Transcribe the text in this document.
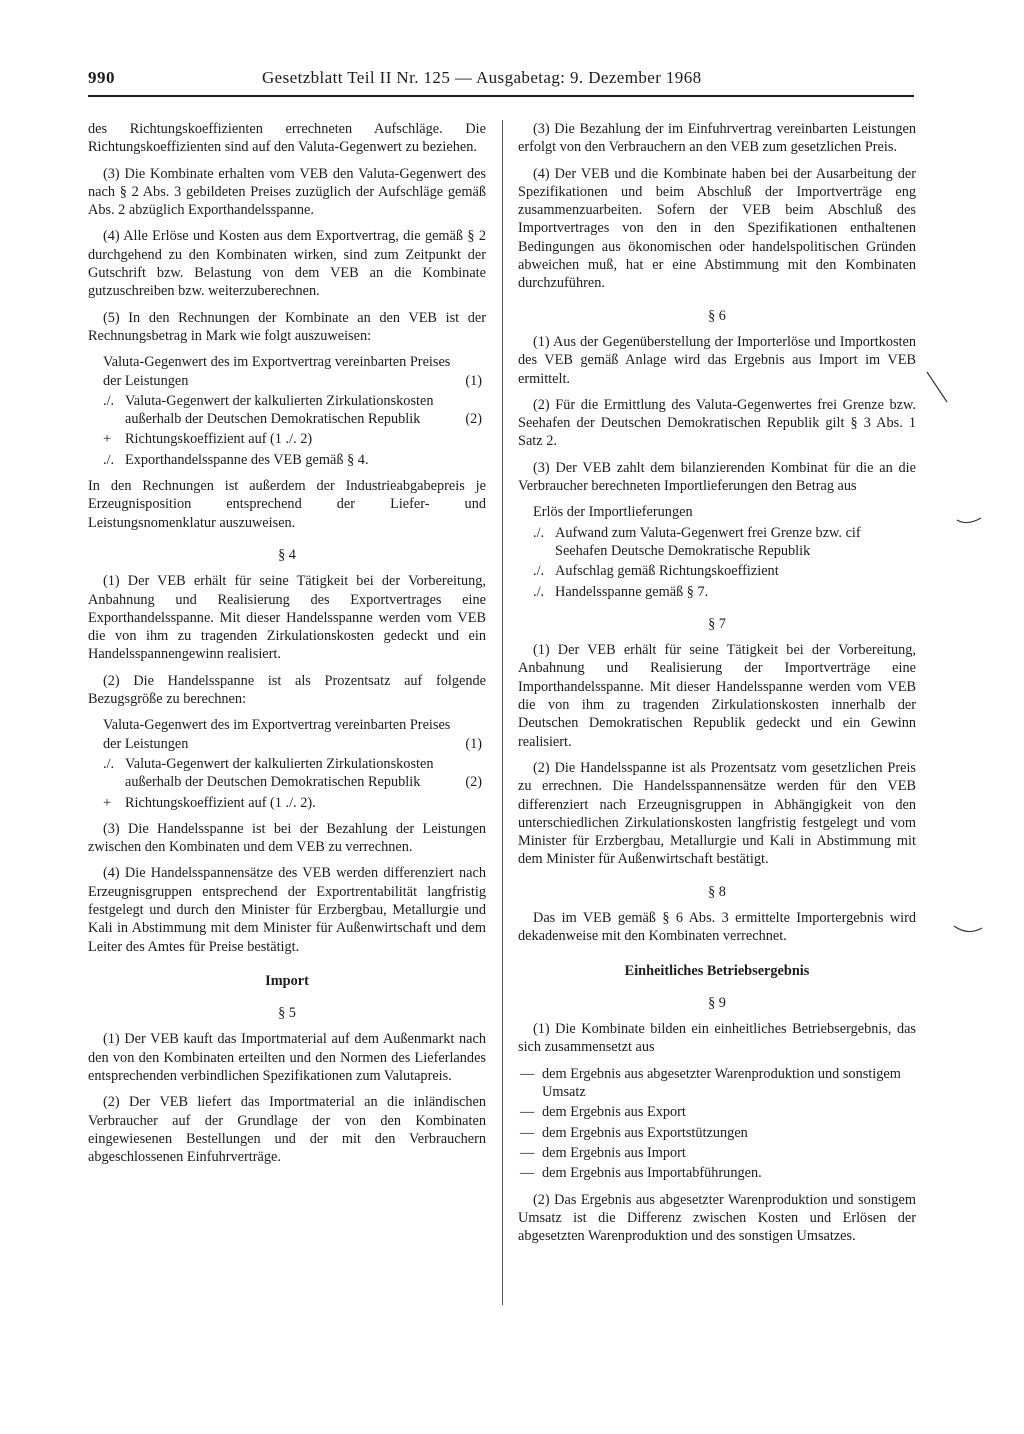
990	Gesetzblatt Teil II Nr. 125 — Ausgabetag: 9. Dezember 1968

des Richtungskoeffizienten errechneten Aufschläge. Die Richtungskoeffizienten sind auf den Valuta-Gegenwert zu beziehen.

(3) Die Kombinate erhalten vom VEB den Valuta-Gegenwert des nach § 2 Abs. 3 gebildeten Preises zuzüglich der Aufschläge gemäß Abs. 2 abzüglich Exporthandelsspanne.

(4) Alle Erlöse und Kosten aus dem Exportvertrag, die gemäß § 2 durchgehend zu den Kombinaten wirken, sind zum Zeitpunkt der Gutschrift bzw. Belastung von dem VEB an die Kombinate gutzuschreiben bzw. weiterzuberechnen.

(5) In den Rechnungen der Kombinate an den VEB ist der Rechnungsbetrag in Mark wie folgt auszuweisen:

Valuta-Gegenwert des im Exportvertrag vereinbarten Preises der Leistungen	(1)
./. Valuta-Gegenwert der kalkulierten Zirkulationskosten außerhalb der Deutschen Demokratischen Republik	(2)
+ Richtungskoeffizient auf (1 ./. 2)
./. Exporthandelsspanne des VEB gemäß § 4.

In den Rechnungen ist außerdem der Industrieabgabepreis je Erzeugnisposition entsprechend der Liefer- und Leistungsnomenklatur auszuweisen.

§ 4

(1) Der VEB erhält für seine Tätigkeit bei der Vorbereitung, Anbahnung und Realisierung des Exportvertrages eine Exporthandelsspanne. Mit dieser Handelsspanne werden vom VEB die von ihm zu tragenden Zirkulationskosten gedeckt und ein Handelsspannengewinn realisiert.

(2) Die Handelsspanne ist als Prozentsatz auf folgende Bezugsgröße zu berechnen:

Valuta-Gegenwert des im Exportvertrag vereinbarten Preises der Leistungen	(1)
./. Valuta-Gegenwert der kalkulierten Zirkulationskosten außerhalb der Deutschen Demokratischen Republik	(2)
+ Richtungskoeffizient auf (1 ./. 2).

(3) Die Handelsspanne ist bei der Bezahlung der Leistungen zwischen den Kombinaten und dem VEB zu verrechnen.

(4) Die Handelsspannensätze des VEB werden differenziert nach Erzeugnisgruppen entsprechend der Exportrentabilität langfristig festgelegt und durch den Minister für Erzbergbau, Metallurgie und Kali in Abstimmung mit dem Minister für Außenwirtschaft und dem Leiter des Amtes für Preise bestätigt.

Import
§ 5

(1) Der VEB kauft das Importmaterial auf dem Außenmarkt nach den von den Kombinaten erteilten und den Normen des Lieferlandes entsprechenden verbindlichen Spezifikationen zum Valutapreis.

(2) Der VEB liefert das Importmaterial an die inländischen Verbraucher auf der Grundlage der von den Kombinaten eingewiesenen Bestellungen und der mit den Verbrauchern abgeschlossenen Einfuhrverträge.

(3) Die Bezahlung der im Einfuhrvertrag vereinbarten Leistungen erfolgt von den Verbrauchern an den VEB zum gesetzlichen Preis.

(4) Der VEB und die Kombinate haben bei der Ausarbeitung der Spezifikationen und beim Abschluß der Importverträge eng zusammenzuarbeiten. Sofern der VEB beim Abschluß des Importvertrages von den in den Spezifikationen enthaltenen Bedingungen aus ökonomischen oder handelspolitischen Gründen abweichen muß, hat er eine Abstimmung mit den Kombinaten durchzuführen.

§ 6

(1) Aus der Gegenüberstellung der Importerlöse und Importkosten des VEB gemäß Anlage wird das Ergebnis aus Import im VEB ermittelt.

(2) Für die Ermittlung des Valuta-Gegenwertes frei Grenze bzw. Seehafen der Deutschen Demokratischen Republik gilt § 3 Abs. 1 Satz 2.

(3) Der VEB zahlt dem bilanzierenden Kombinat für die an die Verbraucher berechneten Importlieferungen den Betrag aus

Erlös der Importlieferungen
./. Aufwand zum Valuta-Gegenwert frei Grenze bzw. cif Seehafen Deutsche Demokratische Republik
./. Aufschlag gemäß Richtungskoeffizient
./. Handelsspanne gemäß § 7.
§ 7

(1) Der VEB erhält für seine Tätigkeit bei der Vorbereitung, Anbahnung und Realisierung der Importverträge eine Importhandelsspanne. Mit dieser Handelsspanne werden vom VEB die von ihm zu tragenden Zirkulationskosten innerhalb der Deutschen Demokratischen Republik gedeckt und ein Gewinn realisiert.

(2) Die Handelsspanne ist als Prozentsatz vom gesetzlichen Preis zu errechnen. Die Handelsspannensätze werden für den VEB differenziert nach Erzeugnisgruppen in Abhängigkeit von den unterschiedlichen Zirkulationskosten langfristig festgelegt und vom Minister für Erzbergbau, Metallurgie und Kali in Abstimmung mit dem Minister für Außenwirtschaft bestätigt.

§ 8

Das im VEB gemäß § 6 Abs. 3 ermittelte Importergebnis wird dekadenweise mit den Kombinaten verrechnet.

Einheitliches Betriebsergebnis
§ 9

(1) Die Kombinate bilden ein einheitliches Betriebsergebnis, das sich zusammensetzt aus

— dem Ergebnis aus abgesetzter Warenproduktion und sonstigem Umsatz
— dem Ergebnis aus Export
— dem Ergebnis aus Exportstützungen
— dem Ergebnis aus Import
— dem Ergebnis aus Importabführungen.

(2) Das Ergebnis aus abgesetzter Warenproduktion und sonstigem Umsatz ist die Differenz zwischen Kosten und Erlösen der abgesetzten Warenproduktion und des sonstigen Umsatzes.
